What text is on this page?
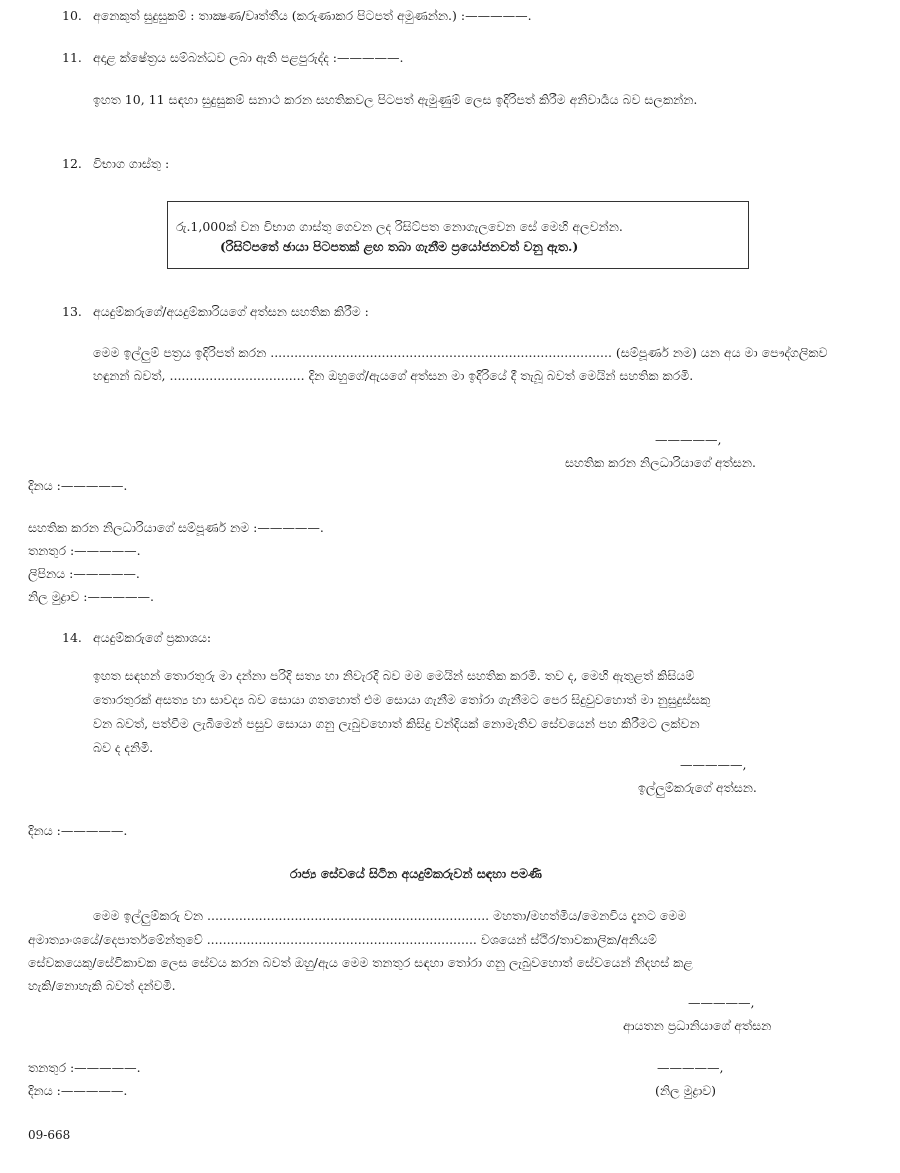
10. අනෙකුත් සුදුසුකම් : තාක්‍ෂණ/වෘත්තීය (කරුණාකර පිටපත් අමුණන්න.) :—————.
11. අදාළ ක්ෂේත්‍රය සම්බන්ධව ලබා ඇති පළපුරුද්ද :—————.
ඉහත 10, 11 සඳහා සුදුසුකම් සනාථ කරන සහතිකවල පිටපත් ඇමුණුම් ලෙස ඉදිරිපත් කිරීම අනිවාර්‍යය බව සලකන්න.
12. විභාග ගාස්තු :
රු.1,000ක් වන විභාග ගාස්තු ගෙවන ලද රිසිට්පත නොගැලවෙන සේ මෙහි අලවන්න.
(රිසිට්පතේ ඡායා පිටපතක් ළඟ තබා ගැනීම ප්‍රයෝජනවත් වනු ඇත.)
13. අයදුම්කරුගේ/අයදුම්කාරියගේ අත්සන සහතික කිරීම :
මෙම ඉල්ලුම් පත්‍රය ඉදිරිපත් කරන ...................................................................................... (සම්පූර්ණ නම) යන අය මා පෞද්ගලිකව
හඳුනන් බවත්, .................................. දින ඔහුගේ/ඇයගේ අත්සන මා ඉදිරියේ දී තැබූ බවත් මෙයින් සහතික කරමි.
—————,
සහතික කරන නිලධාරියාගේ අත්සන.
දිනය :—————.
සහතික කරන නිලධාරියාගේ සම්පූර්ණ නම :—————.
තනතුර :—————.
ලිපිනය :—————.
නිල මුද්‍රාව :—————.
14. අයදුම්කරුගේ ප්‍රකාශය:
ඉහත සඳහන් තොරතුරු මා දන්නා පරිදි සත්‍ය හා නිවැරදි බව මම මෙයින් සහතික කරමි. තව ද, මෙහි ඇතුළත් කිසියම්
තොරතුරක් අසත්‍ය හා සාවද්‍ය බව සොයා ගතහොත් එම සොයා ගැනීම තෝරා ගැනීමට පෙර සිදුවුවහොත් මා නුසුදුස්සකු
වන බවත්, පත්වීම ලැබීමෙන් පසුව සොයා ගනු ලැබුවහොත් කිසිදු වන්දියක් නොමැතිව සේවයෙන් පහ කිරීමට ලක්වන
බව ද දනිමි.
—————,
ඉල්ලුම්කරුගේ අත්සන.
දිනය :—————.
රාජ්‍ය සේවයේ සිටින අයදුම්කරුවන් සඳහා පමණි
මෙම ඉල්ලුම්කරු වන ....................................................................... මහතා/මහත්මිය/මෙනවිය දැනට මෙම
අමාත්‍යාංශයේ/දෙපාර්තමේන්තුවේ .................................................................... වශයෙන් ස්ථිර/තාවකාලික/අනියම්
සේවකයෙකු/සේවිකාවක ලෙස සේවය කරන බවත් ඔහු/ඇය මෙම තනතුර සඳහා තෝරා ගනු ලැබුවහොත් සේවයෙන් නිදහස් කළ
හැකි/නොහැකි බවත් දන්වමි.
—————,
ආයතන ප්‍රධානියාගේ අත්සන
තනතුර :—————.
දිනය :—————.
—————,
(නිල මුද්‍රාව)
09-668
